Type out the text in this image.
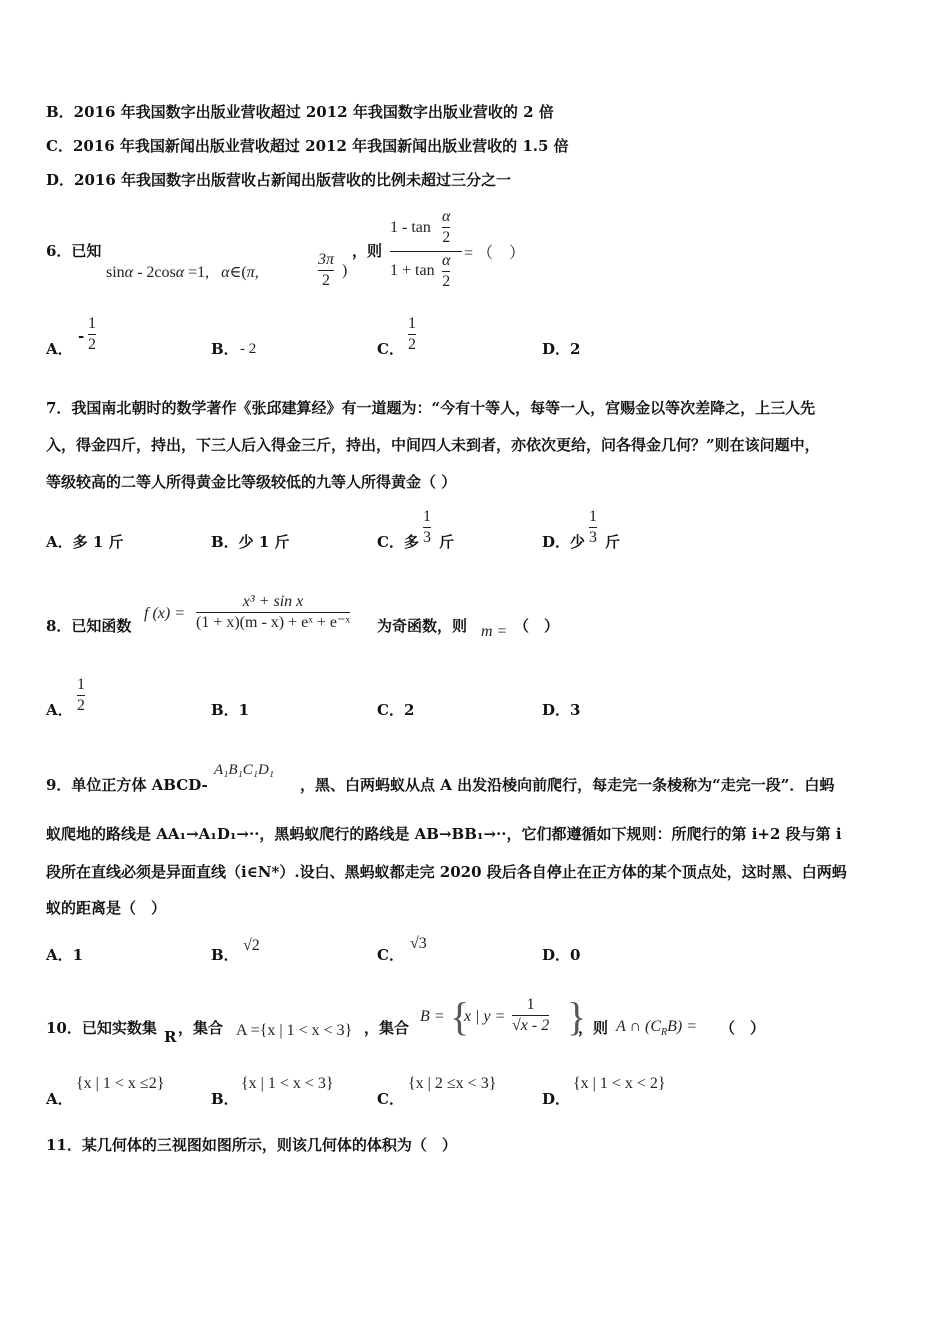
B．2016 年我国数字出版业营收超过 2012 年我国数字出版业营收的 2 倍
C．2016 年我国新闻出版业营收超过 2012 年我国新闻出版业营收的 1.5 倍
D．2016 年我国数字出版营收占新闻出版营收的比例未超过三分之一
6．已知
sinα - 2cosα =1, α∈(π,
3π
2
)
，则
1 - tan
α
2
1 + tan
α
2
= （　）
A．
-
1
2	B． - 2	C．
1
2	D．2
7．我国南北朝时的数学著作《张邱建算经》有一道题为：“今有十等人，每等一人，宫赐金以等次差降之，上三人先
入，得金四斤，持出，下三人后入得金三斤，持出，中间四人未到者，亦依次更给，问各得金几何？”则在该问题中，
等级较高的二等人所得黄金比等级较低的九等人所得黄金（ ）
A．多 1 斤	B．少 1 斤	C．多
1
3 斤	D．少
1
3 斤
8．已知函数
f (x) =
x³ + sin x
(1 + x)(m - x) + eˣ + e⁻ˣ 为奇函数，则 m = （　）
A．
1
2	B．1	C．2	D．3
9．单位正方体 ABCD-
A₁B₁C₁D₁
，黑、白两蚂蚁从点 A 出发沿棱向前爬行，每走完一条棱称为“走完一段”．白蚂
蚁爬地的路线是 AA₁→A₁D₁→··，黑蚂蚁爬行的路线是 AB→BB₁→··，它们都遵循如下规则：所爬行的第 i+2 段与第 i
段所在直线必须是异面直线（i∈N*）.设白、黑蚂蚁都走完 2020 段后各自停止在正方体的某个顶点处，这时黑、白两蚂
蚁的距离是（　）
A．1	B．
√2
C．
√3
D．0
10．已知实数集 R ，集合 A ={x | 1 < x < 3} ，集合
B = {
x | y =
1
√x - 2 }
，则 A ∩ $(C_RB)$ = （　）
A．
{x | 1 < x ≤2}
B．
{x | 1 < x < 3}
C．
{x | 2 ≤x < 3}
D．
{x | 1 < x < 2}
11．某几何体的三视图如图所示，则该几何体的体积为（　）
